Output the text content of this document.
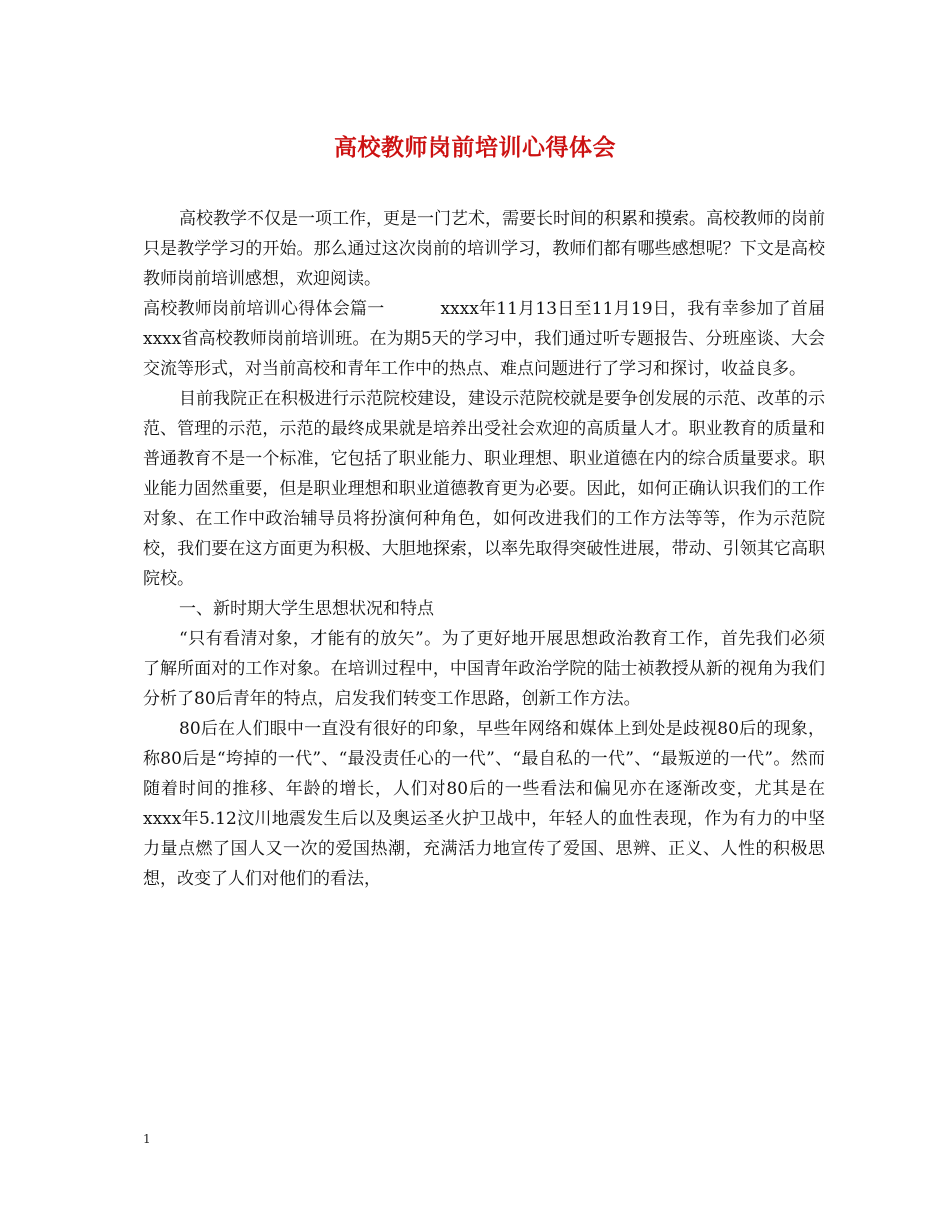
高校教师岗前培训心得体会

高校教学不仅是一项工作，更是一门艺术，需要长时间的积累和摸索。高校教师的岗前只是教学学习的开始。那么通过这次岗前的培训学习，教师们都有哪些感想呢？下文是高校教师岗前培训感想，欢迎阅读。

高校教师岗前培训心得体会篇一	xxxx年11月13日至11月19日，我有幸参加了首届xxxx省高校教师岗前培训班。在为期5天的学习中，我们通过听专题报告、分班座谈、大会交流等形式，对当前高校和青年工作中的热点、难点问题进行了学习和探讨，收益良多。

目前我院正在积极进行示范院校建设，建设示范院校就是要争创发展的示范、改革的示范、管理的示范，示范的最终成果就是培养出受社会欢迎的高质量人才。职业教育的质量和普通教育不是一个标准，它包括了职业能力、职业理想、职业道德在内的综合质量要求。职业能力固然重要，但是职业理想和职业道德教育更为必要。因此，如何正确认识我们的工作对象、在工作中政治辅导员将扮演何种角色，如何改进我们的工作方法等等，作为示范院校，我们要在这方面更为积极、大胆地探索，以率先取得突破性进展，带动、引领其它高职院校。

一、新时期大学生思想状况和特点

“只有看清对象，才能有的放矢”。为了更好地开展思想政治教育工作，首先我们必须了解所面对的工作对象。在培训过程中，中国青年政治学院的陆士祯教授从新的视角为我们分析了80后青年的特点，启发我们转变工作思路，创新工作方法。

80后在人们眼中一直没有很好的印象，早些年网络和媒体上到处是歧视80后的现象，称80后是“垮掉的一代”、“最没责任心的一代”、“最自私的一代”、“最叛逆的一代”。然而随着时间的推移、年龄的增长，人们对80后的一些看法和偏见亦在逐渐改变，尤其是在xxxx年5.12汶川地震发生后以及奥运圣火护卫战中，年轻人的血性表现，作为有力的中坚力量点燃了国人又一次的爱国热潮，充满活力地宣传了爱国、思辨、正义、人性的积极思想，改变了人们对他们的看法，

1
